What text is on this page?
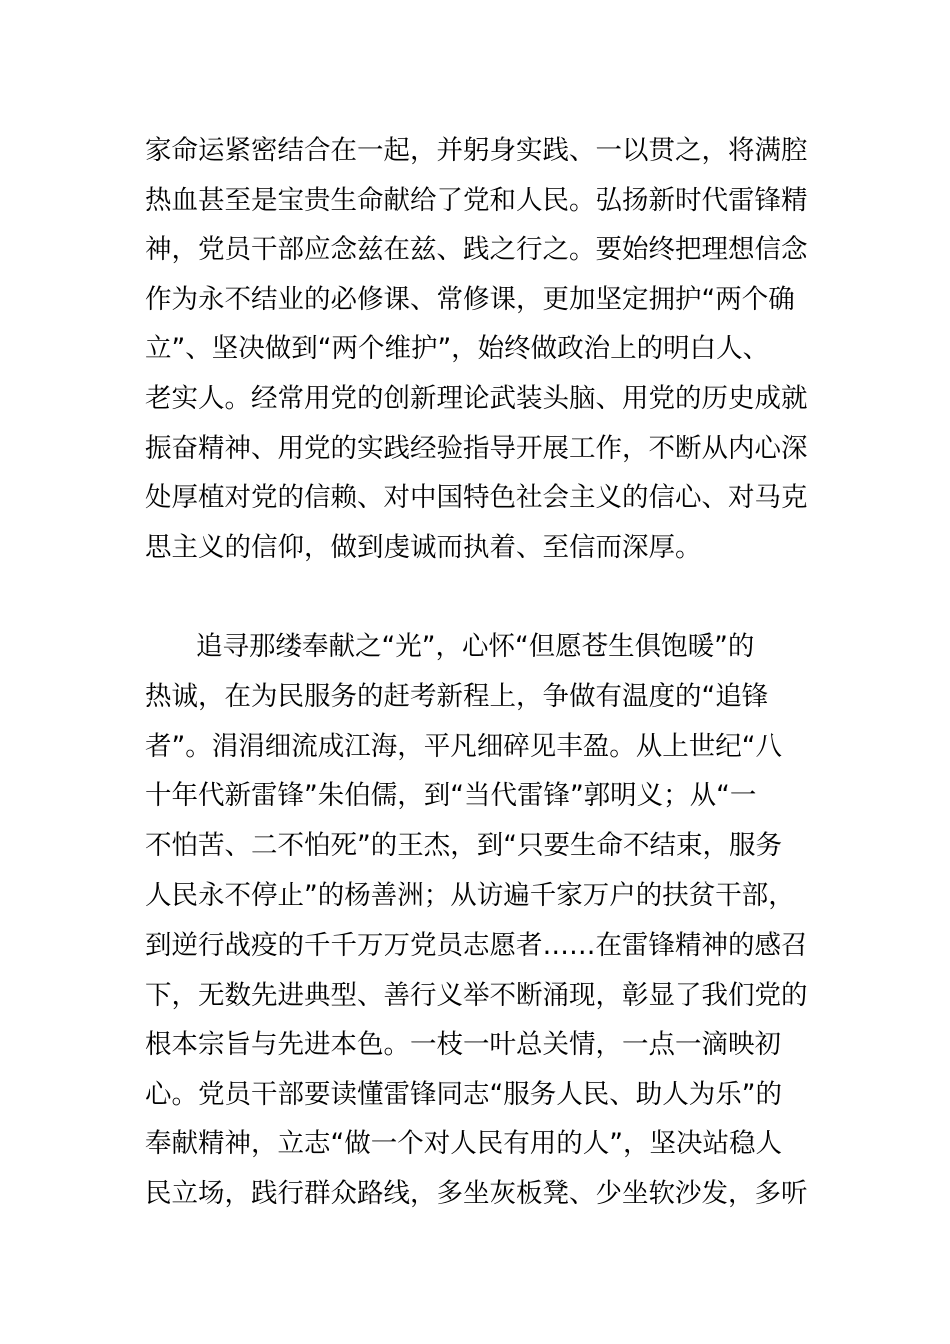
家命运紧密结合在一起，并躬身实践、一以贯之，将满腔
热血甚至是宝贵生命献给了党和人民。弘扬新时代雷锋精
神，党员干部应念兹在兹、践之行之。要始终把理想信念
作为永不结业的必修课、常修课，更加坚定拥护“两个确
立”、坚决做到“两个维护”，始终做政治上的明白人、
老实人。经常用党的创新理论武装头脑、用党的历史成就
振奋精神、用党的实践经验指导开展工作，不断从内心深
处厚植对党的信赖、对中国特色社会主义的信心、对马克
思主义的信仰，做到虔诚而执着、至信而深厚。
追寻那缕奉献之“光”，心怀“但愿苍生俱饱暖”的
热诚，在为民服务的赶考新程上，争做有温度的“追锋
者”。涓涓细流成江海，平凡细碎见丰盈。从上世纪“八
十年代新雷锋”朱伯儒，到“当代雷锋”郭明义；从“一
不怕苦、二不怕死”的王杰，到“只要生命不结束，服务
人民永不停止”的杨善洲；从访遍千家万户的扶贫干部，
到逆行战疫的千千万万党员志愿者……在雷锋精神的感召
下，无数先进典型、善行义举不断涌现，彰显了我们党的
根本宗旨与先进本色。一枝一叶总关情，一点一滴映初
心。党员干部要读懂雷锋同志“服务人民、助人为乐”的
奉献精神，立志“做一个对人民有用的人”，坚决站稳人
民立场，践行群众路线，多坐灰板凳、少坐软沙发，多听
